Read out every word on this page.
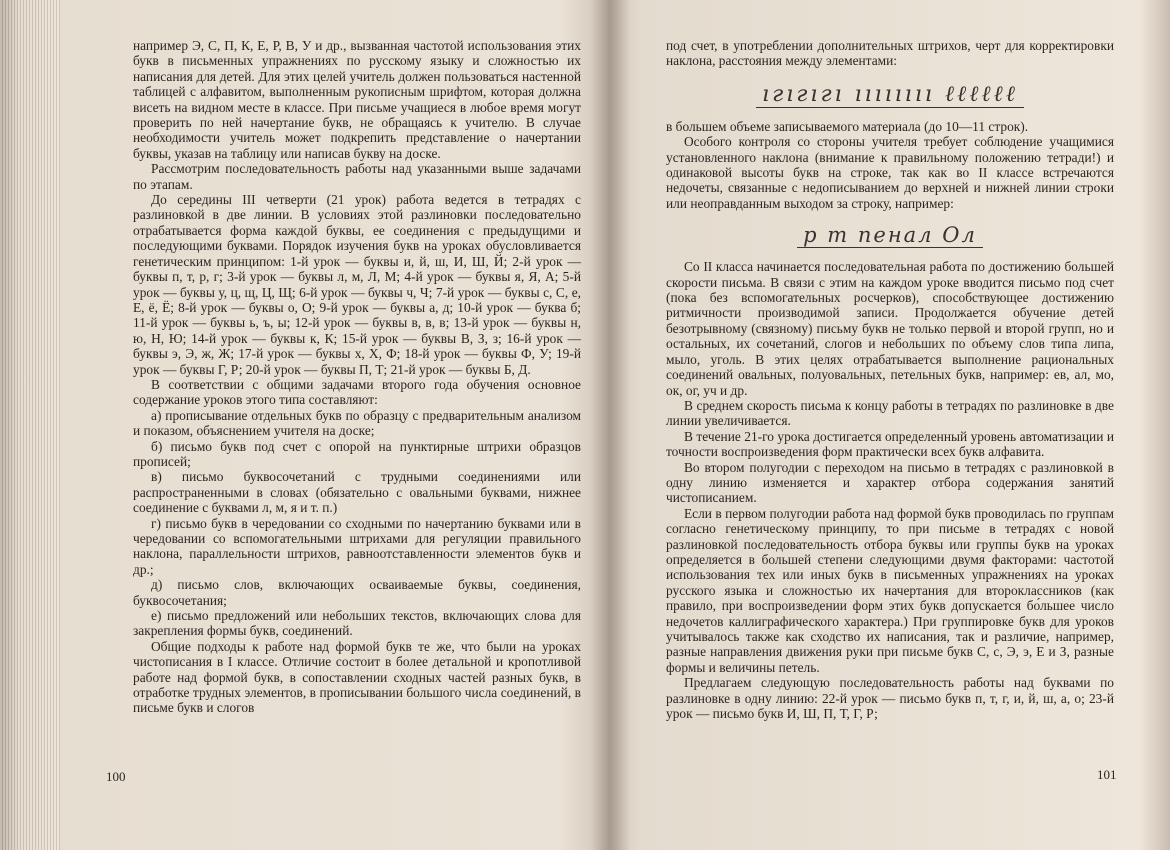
например Э, С, П, К, Е, Р, В, У и др., вызванная частотой использования этих букв в письменных упражнениях по русскому языку и сложностью их написания для детей. Для этих целей учитель должен пользоваться настенной таблицей с алфавитом, выполненным рукописным шрифтом, которая должна висеть на видном месте в классе. При письме учащиеся в любое время могут проверить по ней начертание букв, не обращаясь к учителю. В случае необходимости учитель может подкрепить представление о начертании буквы, указав на таблицу или написав букву на доске.

Рассмотрим последовательность работы над указанными выше задачами по этапам.

До середины III четверти (21 урок) работа ведется в тетрадях с разлиновкой в две линии. В условиях этой разлиновки последовательно отрабатывается форма каждой буквы, ее соединения с предыдущими и последующими буквами. Порядок изучения букв на уроках обусловливается генетическим принципом: 1-й урок — буквы и, й, ш, И, Ш, Й; 2-й урок — буквы п, т, р, г; 3-й урок — буквы л, м, Л, М; 4-й урок — буквы я, Я, А; 5-й урок — буквы у, ц, щ, Ц, Щ; 6-й урок — буквы ч, Ч; 7-й урок — буквы с, С, е, Е, ё, Ё; 8-й урок — буквы о, О; 9-й урок — буквы а, д; 10-й урок — буква б; 11-й урок — буквы ь, ъ, ы; 12-й урок — буквы в, в, в; 13-й урок — буквы н, ю, Н, Ю; 14-й урок — буквы к, К; 15-й урок — буквы В, З, з; 16-й урок — буквы э, Э, ж, Ж; 17-й урок — буквы х, Х, Ф; 18-й урок — буквы Ф, У; 19-й урок — буквы Г, Р; 20-й урок — буквы П, Т; 21-й урок — буквы Б, Д.

В соответствии с общими задачами второго года обучения основное содержание уроков этого типа составляют:

а) прописывание отдельных букв по образцу с предварительным анализом и показом, объяснением учителя на доске;

б) письмо букв под счет с опорой на пунктирные штрихи образцов прописей;

в) письмо буквосочетаний с трудными соединениями или распространенными в словах (обязательно с овальными буквами, нижнее соединение с буквами л, м, я и т. п.)

г) письмо букв в чередовании со сходными по начертанию буквами или в чередовании со вспомогательными штрихами для регуляции правильного наклона, параллельности штрихов, равноотставленности элементов букв и др.;

д) письмо слов, включающих осваиваемые буквы, соединения, буквосочетания;

е) письмо предложений или небольших текстов, включающих слова для закрепления формы букв, соединений.

Общие подходы к работе над формой букв те же, что были на уроках чистописания в I классе. Отличие состоит в более детальной и кропотливой работе над формой букв, в сопоставлении сходных частей разных букв, в отработке трудных элементов, в прописывании большого числа соединений, в письме букв и слогов

100

под счет, в употреблении дополнительных штрихов, черт для корректировки наклона, расстояния между элементами:

ıгıгıгı ıııııııı ℓℓℓℓℓℓ

в большем объеме записываемого материала (до 10—11 строк).

Особого контроля со стороны учителя требует соблюдение учащимися установленного наклона (внимание к правильному положению тетради!) и одинаковой высоты букв на строке, так как во II классе встречаются недочеты, связанные с недописыванием до верхней и нижней линии строки или неоправданным выходом за строку, например:

р т пенал Ол

Со II класса начинается последовательная работа по достижению большей скорости письма. В связи с этим на каждом уроке вводится письмо под счет (пока без вспомогательных росчерков), способствующее достижению ритмичности производимой записи. Продолжается обучение детей безотрывному (связному) письму букв не только первой и второй групп, но и остальных, их сочетаний, слогов и небольших по объему слов типа липа, мыло, уголь. В этих целях отрабатывается выполнение рациональных соединений овальных, полуовальных, петельных букв, например: ев, ал, мо, ок, ог, уч и др.

В среднем скорость письма к концу работы в тетрадях по разлиновке в две линии увеличивается.

В течение 21-го урока достигается определенный уровень автоматизации и точности воспроизведения форм практически всех букв алфавита.

Во втором полугодии с переходом на письмо в тетрадях с разлиновкой в одну линию изменяется и характер отбора содержания занятий чистописанием.

Если в первом полугодии работа над формой букв проводилась по группам согласно генетическому принципу, то при письме в тетрадях с новой разлиновкой последовательность отбора буквы или группы букв на уроках определяется в большей степени следующими двумя факторами: частотой использования тех или иных букв в письменных упражнениях на уроках русского языка и сложностью их начертания для второклассников (как правило, при воспроизведении форм этих букв допускается бо́льшее число недочетов каллиграфического характера.) При группировке букв для уроков учитывалось также как сходство их написания, так и различие, например, разные направления движения руки при письме букв С, с, Э, э, Е и З, разные формы и величины петель.

Предлагаем следующую последовательность работы над буквами по разлиновке в одну линию: 22-й урок — письмо букв п, т, г, и, й, ш, а, о; 23-й урок — письмо букв И, Ш, П, Т, Г, Р;

101
